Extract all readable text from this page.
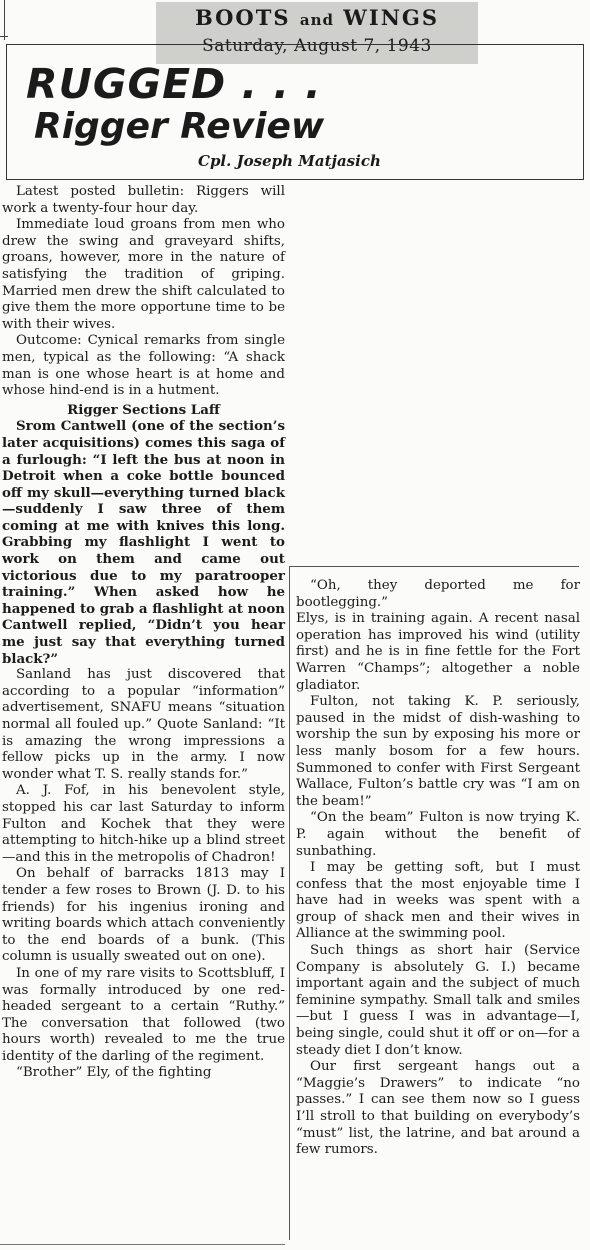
BOOTS and WINGS
Saturday, August 7, 1943
RUGGED . . .
Rigger Review
Cpl. Joseph Matjasich

Latest posted bulletin: Riggers will work a twenty-four hour day.

Immediate loud groans from men who drew the swing and graveyard shifts, groans, however, more in the nature of satisfying the tradition of griping. Married men drew the shift calculated to give them the more opportune time to be with their wives.

Outcome: Cynical remarks from single men, typical as the following: “A shack man is one whose heart is at home and whose hind-end is in a hutment.

Rigger Sections Laff

Srom Cantwell (one of the section’s later acquisitions) comes this saga of a furlough: “I left the bus at noon in Detroit when a coke bottle bounced off my skull—everything turned black—suddenly I saw three of them coming at me with knives this long. Grabbing my flashlight I went to work on them and came out victorious due to my paratrooper training.” When asked how he happened to grab a flashlight at noon Cantwell replied, “Didn’t you hear me just say that everything turned black?”

Sanland has just discovered that according to a popular “information” advertisement, SNAFU means “situation normal all fouled up.” Quote Sanland: “It is amazing the wrong impressions a fellow picks up in the army. I now wonder what T. S. really stands for.”

A. J. Fof, in his benevolent style, stopped his car last Saturday to inform Fulton and Kochek that they were attempting to hitch-hike up a blind street—and this in the metropolis of Chadron!

On behalf of barracks 1813 may I tender a few roses to Brown (J. D. to his friends) for his ingenius ironing and writing boards which attach conveniently to the end boards of a bunk. (This column is usually sweated out on one).

In one of my rare visits to Scottsbluff, I was formally introduced by one red-headed sergeant to a certain “Ruthy.” The conversation that followed (two hours worth) revealed to me the true identity of the darling of the regiment.

“Brother” Ely, of the fighting

“Oh, they deported me for bootlegging.”

Elys, is in training again. A recent nasal operation has improved his wind (utility first) and he is in fine fettle for the Fort Warren “Champs”; altogether a noble gladiator.

Fulton, not taking K. P. seriously, paused in the midst of dish-washing to worship the sun by exposing his more or less manly bosom for a few hours. Summoned to confer with First Sergeant Wallace, Fulton’s battle cry was “I am on the beam!”

“On the beam” Fulton is now trying K. P. again without the benefit of sunbathing.

I may be getting soft, but I must confess that the most enjoyable time I have had in weeks was spent with a group of shack men and their wives in Alliance at the swimming pool.

Such things as short hair (Service Company is absolutely G. I.) became important again and the subject of much feminine sympathy. Small talk and smiles—but I guess I was in advantage—I, being single, could shut it off or on—for a steady diet I don’t know.

Our first sergeant hangs out a “Maggie’s Drawers” to indicate “no passes.” I can see them now so I guess I’ll stroll to that building on everybody’s “must” list, the latrine, and bat around a few rumors.
